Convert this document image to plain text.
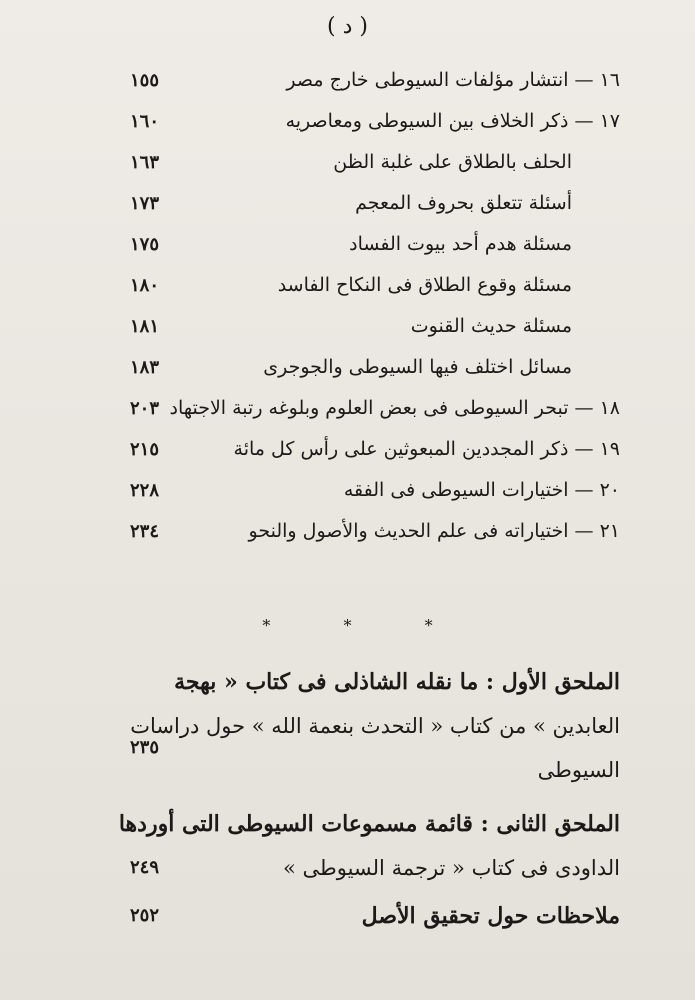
( د )
١٦ — انتشار مؤلفات السيوطى خارج مصر
١٥٥
١٧ — ذكر الخلاف بين السيوطى ومعاصريه
١٦٠
الحلف بالطلاق على غلبة الظن
١٦٣
أسئلة تتعلق بحروف المعجم
١٧٣
مسئلة هدم أحد بيوت الفساد
١٧٥
مسئلة وقوع الطلاق فى النكاح الفاسد
١٨٠
مسئلة حديث القنوت
١٨١
مسائل اختلف فيها السيوطى والجوجرى
١٨٣
١٨ — تبحر السيوطى فى بعض العلوم وبلوغه رتبة الاجتهاد
٢٠٣
١٩ — ذكر المجددين المبعوثين على رأس كل مائة
٢١٥
٢٠ — اختيارات السيوطى فى الفقه
٢٢٨
٢١ — اختياراته فى علم الحديث والأصول والنحو
٢٣٤
* * *
الملحق الأول : ما نقله الشاذلى فى كتاب « بهجة
العابدين » من كتاب « التحدث بنعمة الله » حول دراسات
السيوطى
٢٣٥
الملحق الثانى : قائمة مسموعات السيوطى التى أوردها
الداودى فى كتاب « ترجمة السيوطى »
٢٤٩
ملاحظات حول تحقيق الأصل
٢٥٢
